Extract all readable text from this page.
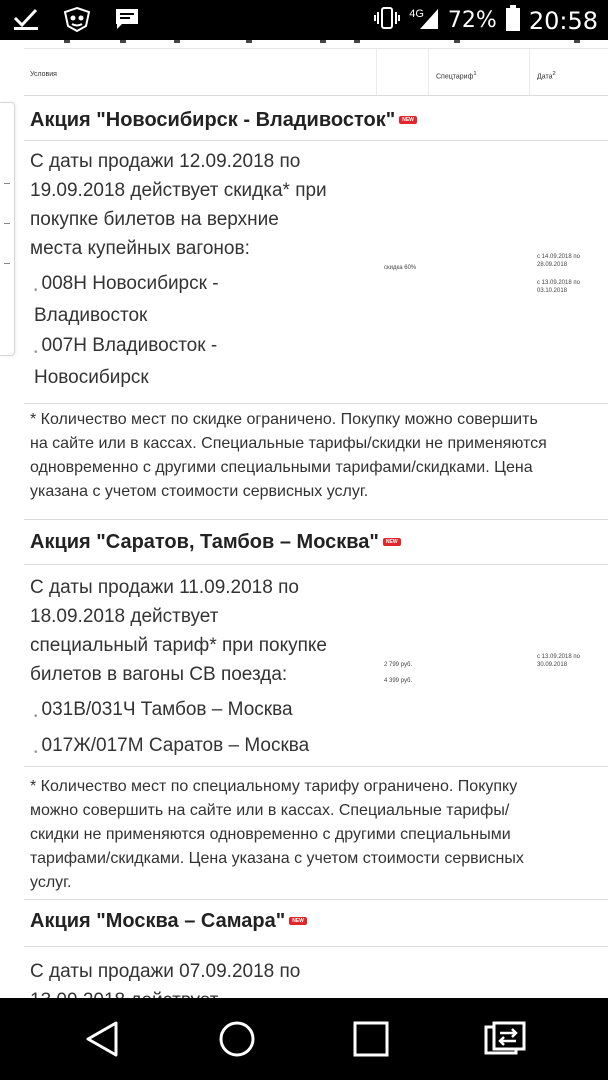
4G 72% 20:58
Условия	Спецтариф$^1$	Дата$^2$
Акция "Новосибирск - Владивосток" NEW
С даты продажи 12.09.2018 по
19.09.2018 действует скидка* при
покупке билетов на верхние
места купейных вагонов:
$_•$ 008Н Новосибирск -
Владивосток
$_•$ 007Н Владивосток -
Новосибирск
скидка 60%
с 14.09.2018 по
28.09.2018
с 13.09.2018 по
03.10.2018
* Количество мест по скидке ограничено. Покупку можно совершить
на сайте или в кассах. Специальные тарифы/скидки не применяются
одновременно с другими специальными тарифами/скидками. Цена
указана с учетом стоимости сервисных услуг.
Акция "Саратов, Тамбов – Москва" NEW
С даты продажи 11.09.2018 по
18.09.2018 действует
специальный тариф* при покупке
билетов в вагоны СВ поезда:
$_•$ 031В/031Ч Тамбов – Москва
$_•$ 017Ж/017М Саратов – Москва
2 799 руб.
4 399 руб.
с 13.09.2018 по
30.09.2018
* Количество мест по специальному тарифу ограничено. Покупку
можно совершить на сайте или в кассах. Специальные тарифы/
скидки не применяются одновременно с другими специальными
тарифами/скидками. Цена указана с учетом стоимости сервисных
услуг.
Акция "Москва – Самара" NEW
С даты продажи 07.09.2018 по
